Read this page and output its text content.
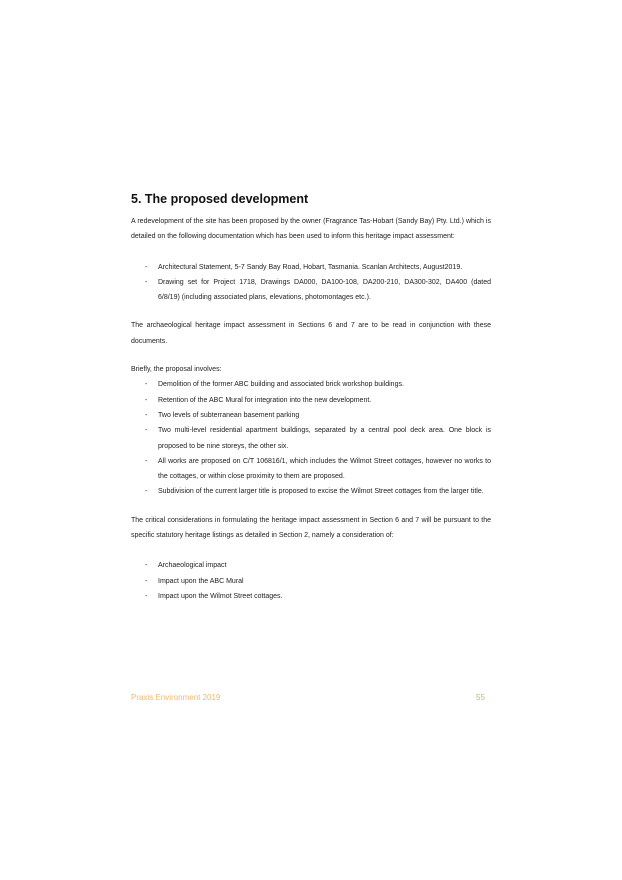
5. The proposed development

A redevelopment of the site has been proposed by the owner (Fragrance Tas-Hobart (Sandy Bay) Pty. Ltd.) which is detailed on the following documentation which has been used to inform this heritage impact assessment:

- Architectural Statement, 5-7 Sandy Bay Road, Hobart, Tasmania. Scanlan Architects, August2019.
- Drawing set for Project 1718, Drawings DA000, DA100-108, DA200-210, DA300-302, DA400 (dated 6/8/19) (including associated plans, elevations, photomontages etc.).

The archaeological heritage impact assessment in Sections 6 and 7 are to be read in conjunction with these documents.

Briefly, the proposal involves:

- Demolition of the former ABC building and associated brick workshop buildings.
- Retention of the ABC Mural for integration into the new development.
- Two levels of subterranean basement parking
- Two multi-level residential apartment buildings, separated by a central pool deck area. One block is proposed to be nine storeys, the other six.
- All works are proposed on C/T 106816/1, which includes the Wilmot Street cottages, however no works to the cottages, or within close proximity to them are proposed.
- Subdivision of the current larger title is proposed to excise the Wilmot Street cottages from the larger title.

The critical considerations in formulating the heritage impact assessment in Section 6 and 7 will be pursuant to the specific statutory heritage listings as detailed in Section 2, namely a consideration of:

- Archaeological impact
- Impact upon the ABC Mural
- Impact upon the Wilmot Street cottages.
Praxis Environment 2019	55
